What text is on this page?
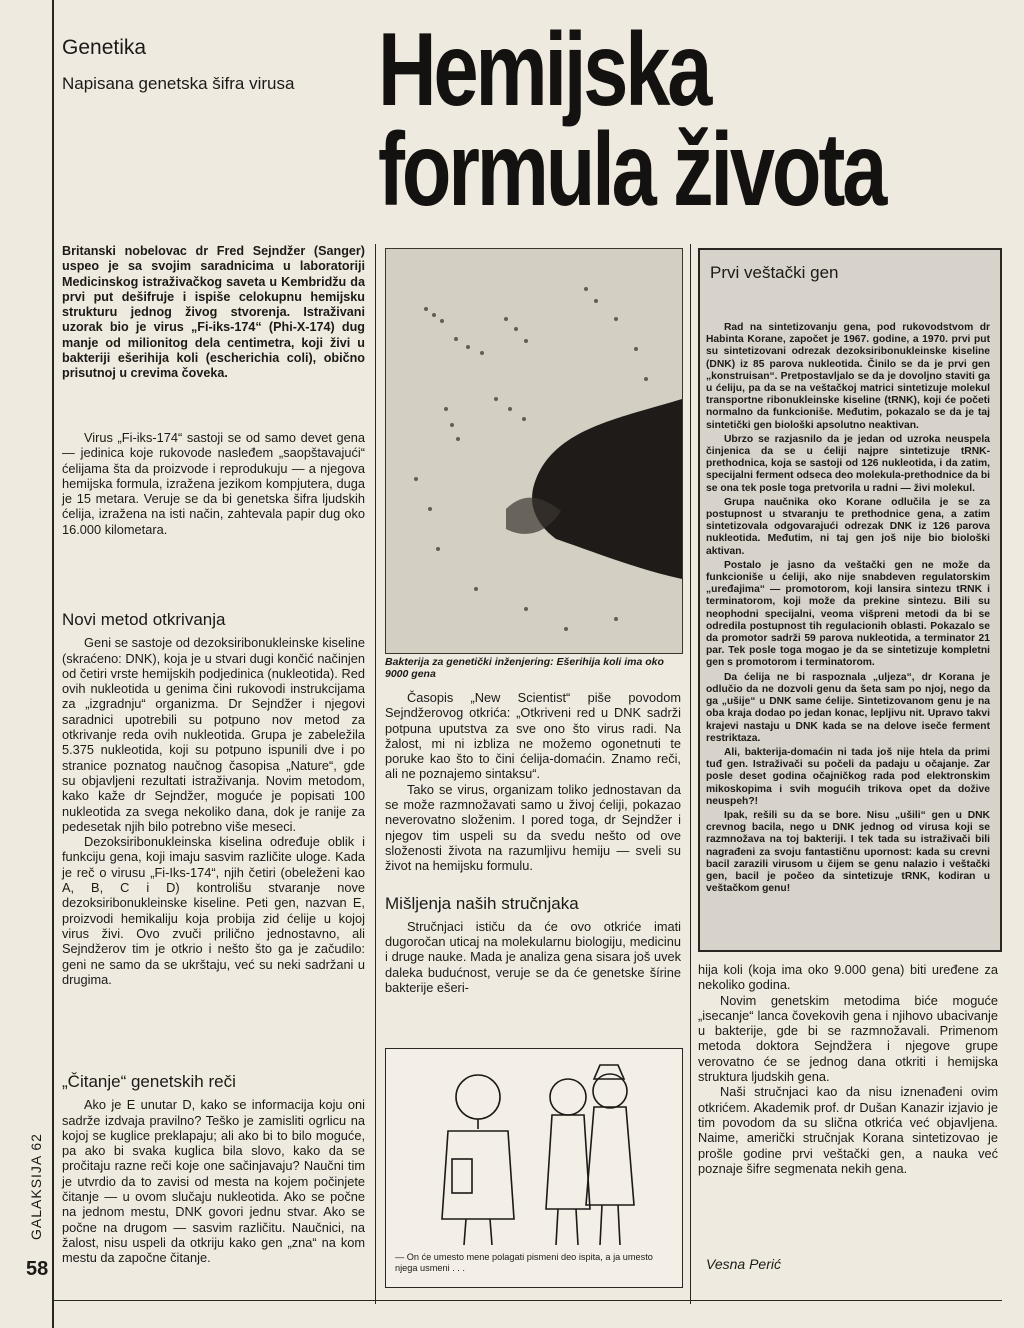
Genetika
Napisana genetska šifra virusa Hemijska
formula života
Britanski nobelovac dr Fred Sejndžer (Sanger) uspeo je sa svojim saradnicima u laboratoriji Medicinskog istraživačkog saveta u Kembridžu da prvi put dešifruje i ispiše celokupnu hemijsku strukturu jednog živog stvorenja. Istraživani uzorak bio je virus „Fi-iks-174“ (Phi-X-174) dug manje od milionitog dela centimetra, koji živi u bakteriji ešerihija koli (escherichia coli), obično prisutnoj u crevima čoveka.

Virus „Fi-iks-174“ sastoji se od samo devet gena — jedinica koje rukovode nasleđem „saopštavajući“ ćelijama šta da proizvode i reprodukuju — a njegova hemijska formula, izražena jezikom kompjutera, duga je 15 metara. Veruje se da bi genetska šifra ljudskih ćelija, izražena na isti način, zahtevala papir dug oko 16.000 kilometara.

Novi metod otkrivanja

Geni se sastoje od dezoksiribonukleinske kiseline (skraćeno: DNK), koja je u stvari dugi končić načinjen od četiri vrste hemijskih podjedinica (nukleotida). Red ovih nukleotida u genima čini rukovodi instrukcijama za „izgradnju“ organizma. Dr Sejndžer i njegovi saradnici upotrebili su potpuno nov metod za otkrivanje reda ovih nukleotida. Grupa je zabeležila 5.375 nukleotida, koji su potpuno ispunili dve i po stranice poznatog naučnog časopisa „Nature“, gde su objavljeni rezultati istraživanja. Novim metodom, kako kaže dr Sejndžer, moguće je popisati 100 nukleotida za svega nekoliko dana, dok je ranije za pedesetak njih bilo potrebno više meseci.

Dezoksiribonukleinska kiselina određuje oblik i funkciju gena, koji imaju sasvim različite uloge. Kada je reč o virusu „Fi-Iks-174“, njih četiri (obeleženi kao A, B, C i D) kontrolišu stvaranje nove dezoksiribonukleinske kiseline. Peti gen, nazvan E, proizvodi hemikaliju koja probija zid ćelije u kojoj virus živi. Ovo zvuči prilično jednostavno, ali Sejndžerov tim je otkrio i nešto što ga je začudilo: geni ne samo da se ukrštaju, već su neki sadržani u drugima.

„Čitanje“ genetskih reči

Ako je E unutar D, kako se informacija koju oni sadrže izdvaja pravilno? Teško je zamisliti ogrlicu na kojoj se kuglice preklapaju; ali ako bi to bilo moguće, pa ako bi svaka kuglica bila slovo, kako da se pročitaju razne reči koje one sačinjavaju? Naučni tim je utvrdio da to zavisi od mesta na kojem počinjete čitanje — u ovom slučaju nukleotida. Ako se počne na jednom mestu, DNK govori jednu stvar. Ako se počne na drugom — sasvim različitu. Naučnici, na žalost, nisu uspeli da otkriju kako gen „zna“ na kom mestu da započne čitanje.

Bakterija za genetički inženjering: Ešerihija koli ima oko 9000 gena

Časopis „New Scientist“ piše povodom Sejndžerovog otkrića: „Otkriveni red u DNK sadrži potpuna uputstva za sve ono što virus radi. Na žalost, mi ni izbliza ne možemo ogonetnuti te poruke kao što to čini ćelija-domaćin. Znamo reči, ali ne poznajemo sintaksu“.

Tako se virus, organizam toliko jednostavan da se može razmnožavati samo u živoj ćeliji, pokazao neverovatno složenim. I pored toga, dr Sejndžer i njegov tim uspeli su da svedu nešto od ove složenosti života na razumljivu hemiju — sveli su život na hemijsku formulu.

Mišljenja naših stručnjaka

Stručnjaci ističu da će ovo otkriće imati dugoročan uticaj na molekularnu biologiju, medicinu i druge nauke. Mada je analiza gena sisara još uvek daleka budućnost, veruje se da će genetske šírine bakterije ešeri-

— On će umesto mene polagati pismeni deo ispita, a ja umesto njega usmeni . . .
Prvi veštački gen

Rad na sintetizovanju gena, pod rukovodstvom dr Habinta Korane, započet je 1967. godine, a 1970. prvi put su sintetizovani odrezak dezoksiribonukleinske kiseline (DNK) iz 85 parova nukleotida. Činilo se da je prvi gen „konstruisan“. Pretpostavljalo se da je dovoljno staviti ga u ćeliju, pa da se na veštačkoj matrici sintetizuje molekul transportne ribonukleinske kiseline (tRNK), koji će početi normalno da funkcioniše. Međutim, pokazalo se da je taj sintetički gen biološki apsolutno neaktivan.

Ubrzo se razjasnilo da je jedan od uzroka neuspela činjenica da se u ćeliji najpre sintetizuje tRNK-prethodnica, koja se sastoji od 126 nukleotida, i da zatim, specijalni ferment odseca deo molekula-prethodnice da bi se ona tek posle toga pretvorila u radni — živi molekul.

Grupa naučnika oko Korane odlučila je se za postupnost u stvaranju te prethodnice gena, a zatim sintetizovala odgovarajući odrezak DNK iz 126 parova nukleotida. Međutim, ni taj gen još nije bio biološki aktivan.

Postalo je jasno da veštački gen ne može da funkcioniše u ćeliji, ako nije snabdeven regulatorskim „uređajima“ — promotorom, koji lansira sintezu tRNK i terminatorom, koji može da prekine sintezu. Bili su neophodni specijalni, veoma višpreni metodi da bi se odredila postupnost tih regulacionih oblasti. Pokazalo se da promotor sadrži 59 parova nukleotida, a terminator 21 par. Tek posle toga mogao je da se sintetizuje kompletni gen s promotorom i terminatorom.

Da ćelija ne bi raspoznala „uljeza“, dr Korana je odlučio da ne dozvoli genu da šeta sam po njoj, nego da ga „ušije“ u DNK same ćelije. Sintetizovanom genu je na oba kraja dodao po jedan konac, lepljivu nit. Upravo takvi krajevi nastaju u DNK kada se na delove iseče ferment restriktaza.

Ali, bakterija-domaćin ni tada još nije htela da primi tuđ gen. Istraživači su počeli da padaju u očajanje. Zar posle deset godina očajničkog rada pod elektronskim mikoskopima i svih mogućih trikova opet da dožive neuspeh?!

Ipak, rešili su da se bore. Nisu „ušili“ gen u DNK crevnog bacila, nego u DNK jednog od virusa koji se razmnožava na toj bakteriji. I tek tada su istraživači bili nagrađeni za svoju fantastičnu upornost: kada su crevni bacil zarazili virusom u čijem se genu nalazio i veštački gen, bacil je počeo da sintetizuje tRNK, kodiran u veštačkom genu!

hija koli (koja ima oko 9.000 gena) biti uređene za nekoliko godina.

Novim genetskim metodima biće moguće „isecanje“ lanca čovekovih gena i njihovo ubacivanje u bakterije, gde bi se razmnožavali. Primenom metoda doktora Sejndžera i njegove grupe verovatno će se jednog dana otkriti i hemijska struktura ljudskih gena.

Naši stručnjaci kao da nisu iznenađeni ovim otkrićem. Akademik prof. dr Dušan Kanazir izjavio je tim povodom da su slična otkrića već objavljena. Naime, američki stručnjak Korana sintetizovao je prošle godine prvi veštački gen, a nauka već poznaje šifre segmenata nekih gena.

Vesna Perić
GALAKSIJA 62
58
